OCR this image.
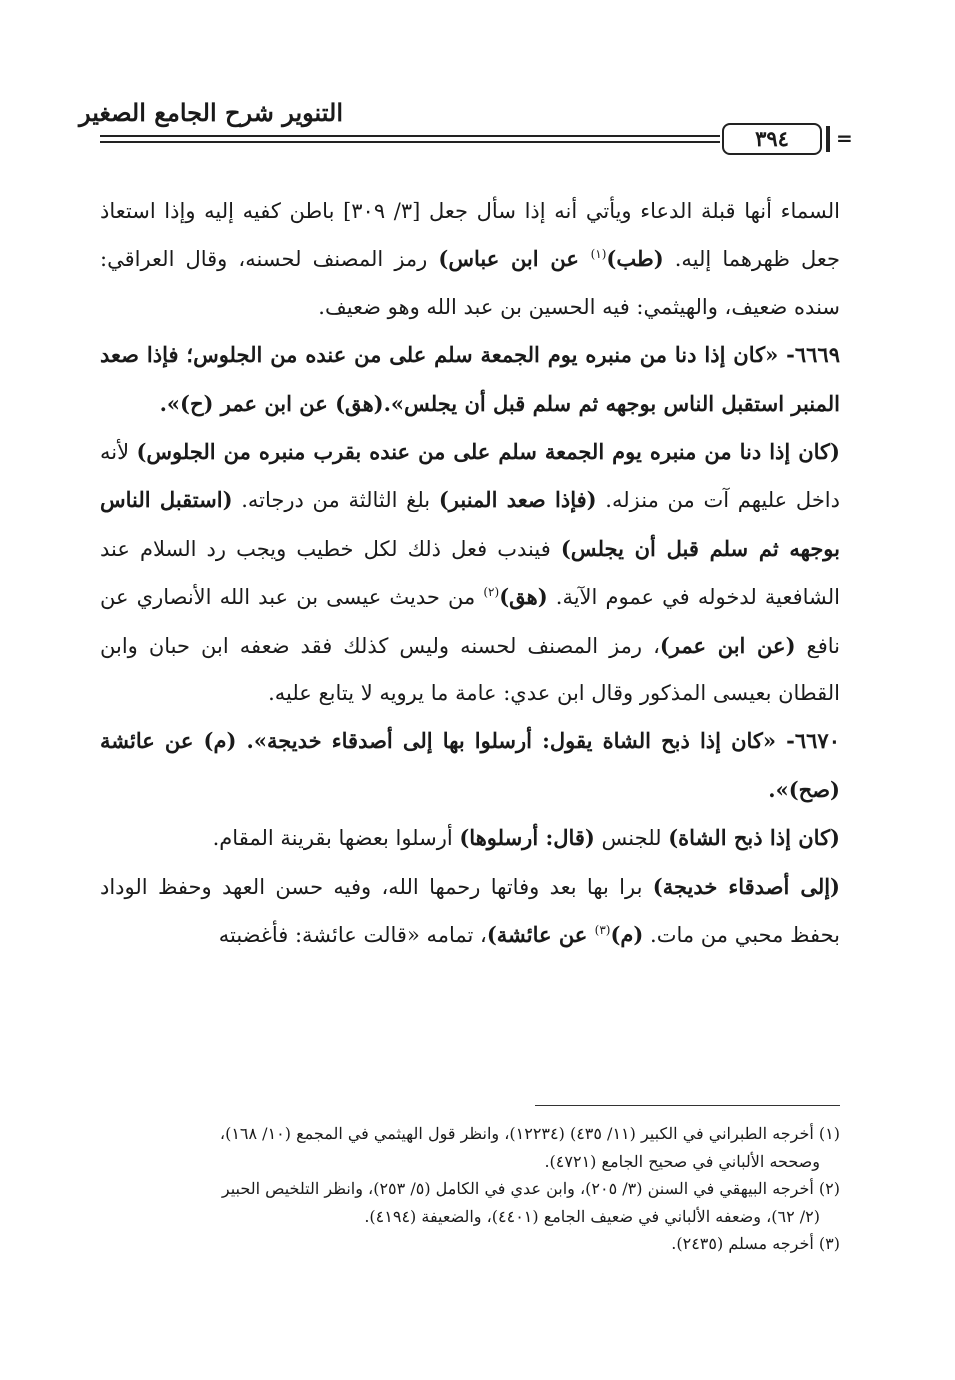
التنوير شرح الجامع الصغير
٣٩٤	=

السماء أنها قبلة الدعاء ويأتي أنه إذا سأل جعل [٣/ ٣٠٩] باطن كفيه إليه وإذا استعاذ جعل ظهرهما إليه. (طب)$^{(١)}$ عن ابن عباس) رمز المصنف لحسنه، وقال العراقي: سنده ضعيف، والهيثمي: فيه الحسين بن عبد الله وهو ضعيف.

٦٦٦٩- «كان إذا دنا من منبره يوم الجمعة سلم على من عنده من الجلوس؛ فإذا صعد المنبر استقبل الناس بوجهه ثم سلم قبل أن يجلس».(هق) عن ابن عمر (ح)».

(كان إذا دنا من منبره يوم الجمعة سلم على من عنده بقرب منبره من الجلوس) لأنه داخل عليهم آت من منزله. (فإذا صعد المنبر) بلغ الثالثة من درجاته. (استقبل الناس بوجهه ثم سلم قبل أن يجلس) فيندب فعل ذلك لكل خطيب ويجب رد السلام عند الشافعية لدخوله في عموم الآية. (هق)$^{(٢)}$ من حديث عيسى بن عبد الله الأنصاري عن نافع (عن ابن عمر)، رمز المصنف لحسنه وليس كذلك فقد ضعفه ابن حبان وابن القطان بعيسى المذكور وقال ابن عدي: عامة ما يرويه لا يتابع عليه.

٦٦٧٠- «كان إذا ذبح الشاة يقول: أرسلوا بها إلى أصدقاء خديجة». (م) عن عائشة (صح)».

(كان إذا ذبح الشاة) للجنس (قال: أرسلوها) أرسلوا بعضها بقرينة المقام.

(إلى أصدقاء خديجة) برا بها بعد وفاتها رحمها الله، وفيه حسن العهد وحفظ الوداد بحفظ محبي من مات. (م)$^{(٣)}$ عن عائشة)، تمامه «قالت عائشة: فأغضبته

(١) أخرجه الطبراني في الكبير (١١/ ٤٣٥) (١٢٢٣٤)، وانظر قول الهيثمي في المجمع (١٠/ ١٦٨)،

وصححه الألباني في صحيح الجامع (٤٧٢١).

(٢) أخرجه البيهقي في السنن (٣/ ٢٠٥)، وابن عدي في الكامل (٥/ ٢٥٣)، وانظر التلخيص الحبير

(٢/ ٦٢)، وضعفه الألباني في ضعيف الجامع (٤٤٠١)، والضعيفة (٤١٩٤).

(٣) أخرجه مسلم (٢٤٣٥).
